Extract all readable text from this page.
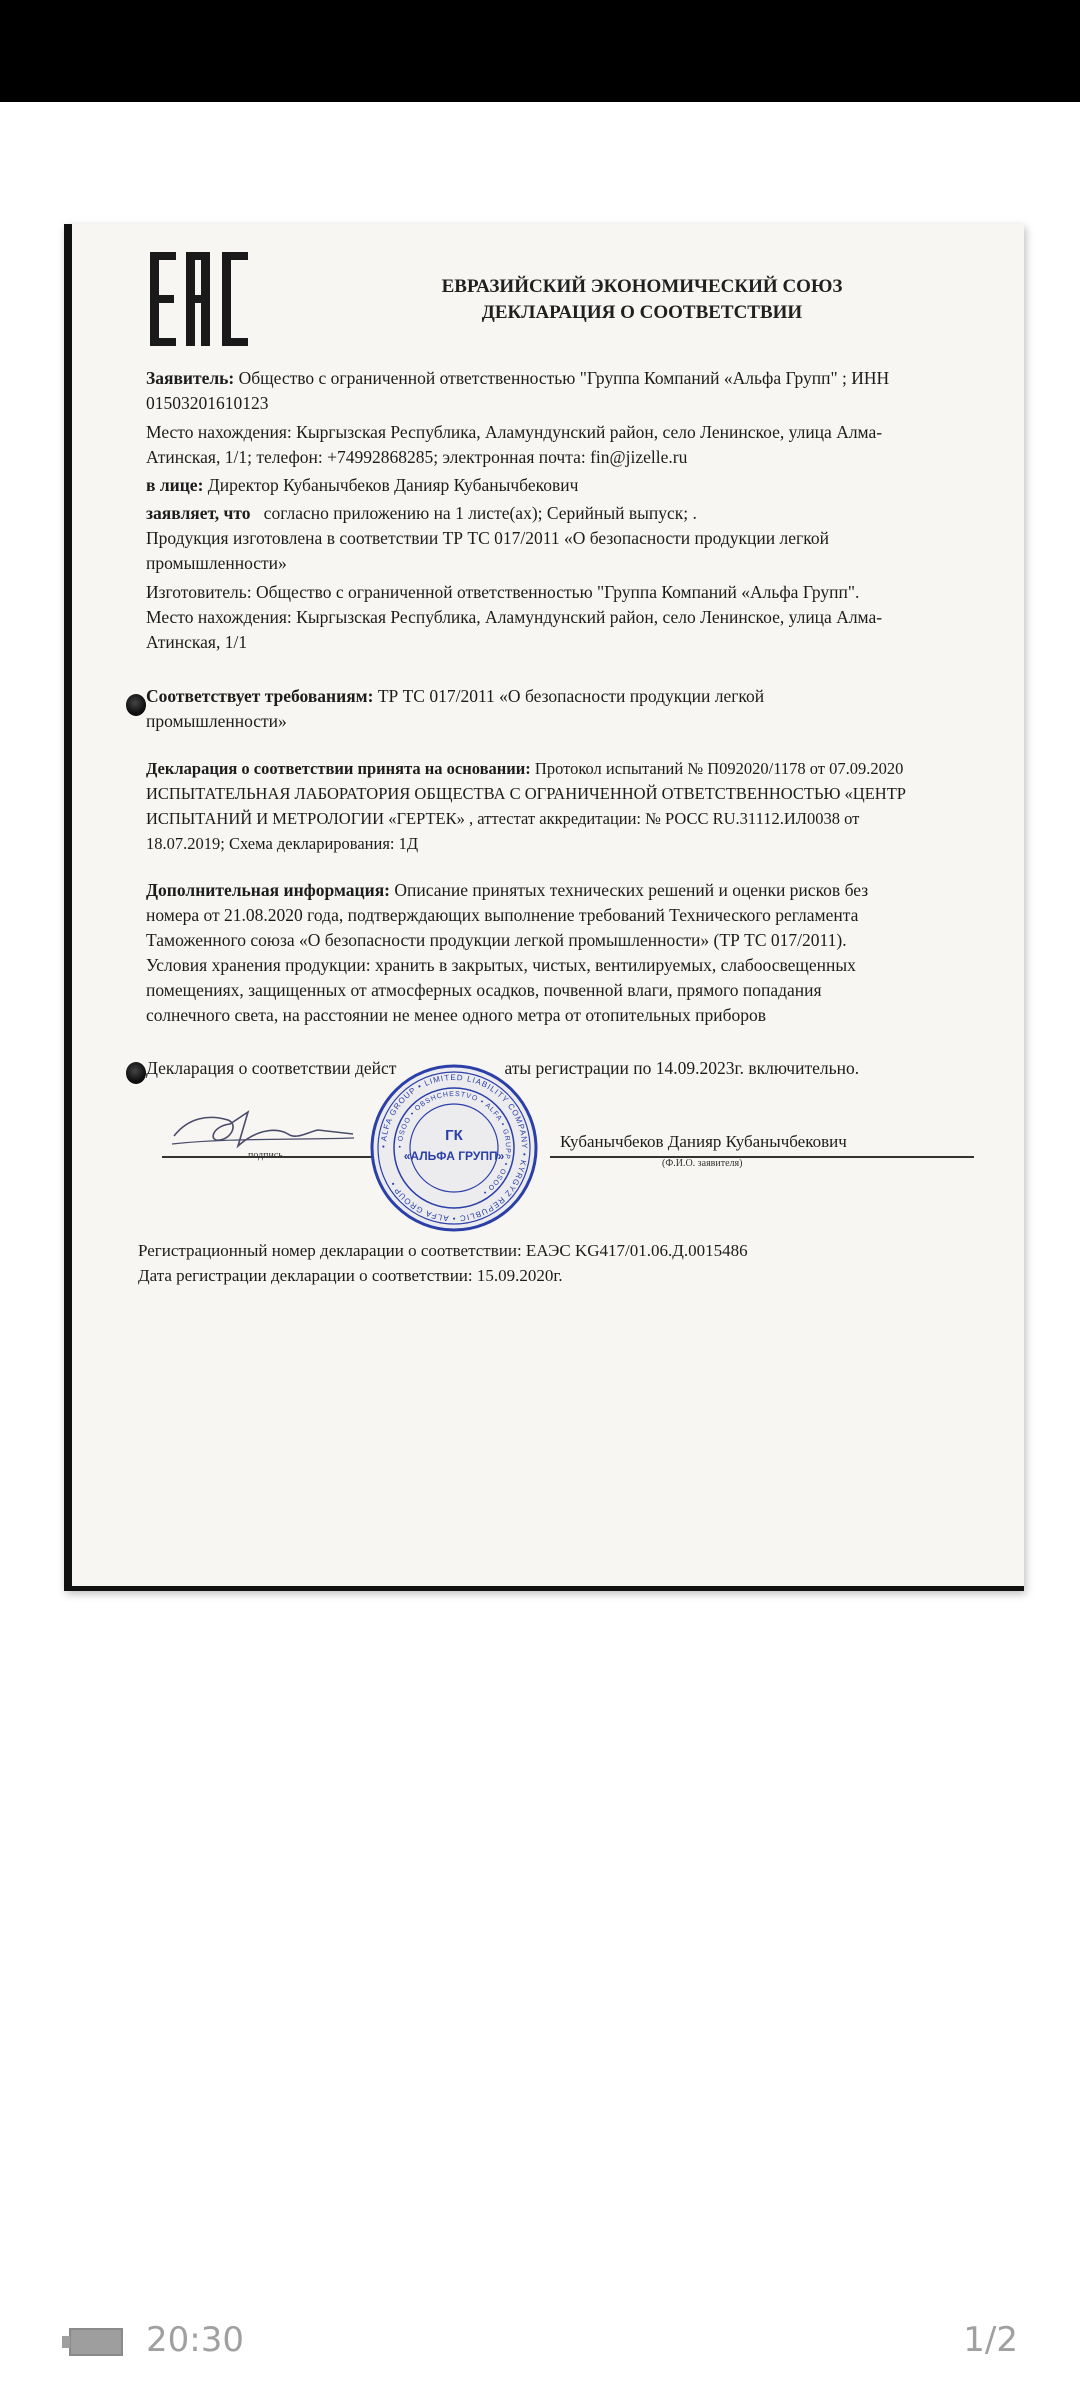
ЕВРАЗИЙСКИЙ ЭКОНОМИЧЕСКИЙ СОЮЗ
ДЕКЛАРАЦИЯ О СООТВЕТСТВИИ
Заявитель: Общество с ограниченной ответственностью "Группа Компаний «Альфа Групп" ; ИНН
01503201610123
Место нахождения: Кыргызская Республика, Аламундунский район, село Ленинское, улица Алма-
Атинская, 1/1; телефон: +74992868285; электронная почта: fin@jizelle.ru
в лице: Директор Кубанычбеков Данияр Кубанычбекович
заявляет, что согласно приложению на 1 листе(ах); Серийный выпуск; .
Продукция изготовлена в соответствии ТР ТС 017/2011 «О безопасности продукции легкой
промышленности»
Изготовитель: Общество с ограниченной ответственностью "Группа Компаний «Альфа Групп".
Место нахождения: Кыргызская Республика, Аламундунский район, село Ленинское, улица Алма-
Атинская, 1/1
Соответствует требованиям: ТР ТС 017/2011 «О безопасности продукции легкой
промышленности»
Декларация о соответствии принята на основании: Протокол испытаний № П092020/1178 от 07.09.2020
ИСПЫТАТЕЛЬНАЯ ЛАБОРАТОРИЯ ОБЩЕСТВА С ОГРАНИЧЕННОЙ ОТВЕТСТВЕННОСТЬЮ «ЦЕНТР
ИСПЫТАНИЙ И МЕТРОЛОГИИ «ГЕРТЕК» , аттестат аккредитации: № РОСС RU.31112.ИЛ0038 от
18.07.2019; Схема декларирования: 1Д
Дополнительная информация: Описание принятых технических решений и оценки рисков без
номера от 21.08.2020 года, подтверждающих выполнение требований Технического регламента
Таможенного союза «О безопасности продукции легкой промышленности» (ТР ТС 017/2011).
Условия хранения продукции: хранить в закрытых, чистых, вентилируемых, слабоосвещенных
помещениях, защищенных от атмосферных осадков, почвенной влаги, прямого попадания
солнечного света, на расстоянии не менее одного метра от отопительных приборов
Декларация о соответствии дейст	аты регистрации по 14.09.2023г. включительно.
подпись
Кубанычбеков Данияр Кубанычбекович
(Ф.И.О. заявителя)
• ALFA GROUP • LIMITED LIABILITY COMPANY • KYRGYZ REPUBLIC • ALFA GROUP •
• OSOO • OBSHCHESTVO • ALFA • GRUPP • OSOO •
ГК
«АЛЬФА ГРУПП»
Регистрационный номер декларации о соответствии: ЕАЭС KG417/01.06.Д.0015486
Дата регистрации декларации о соответствии: 15.09.2020г.
20:30	1/2
